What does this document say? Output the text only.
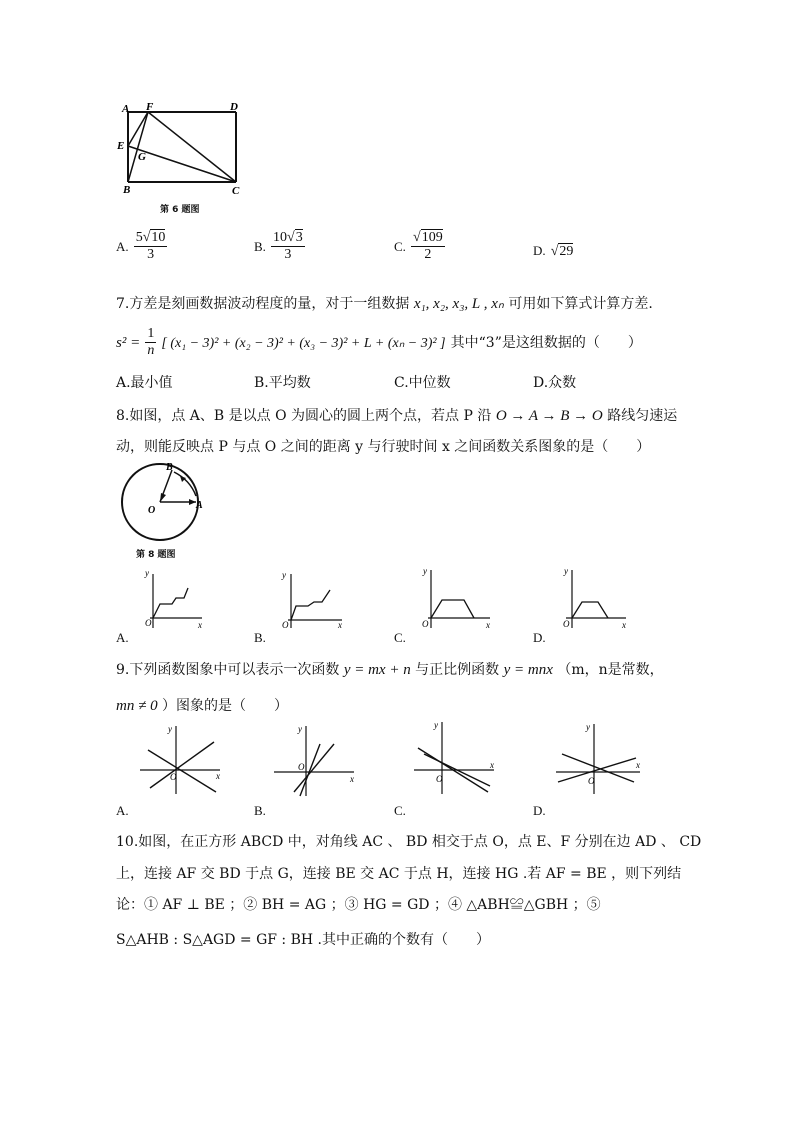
A F	D
E
G
B	C
第 6 题图
A. $\frac{5√10}{3}$	B. $\frac{10√3}{3}$	C. $\frac{√109}{2}$	D. √29
7.方差是刻画数据波动程度的量，对于一组数据 x₁, x₂, x₃, L , xₙ 可用如下算式计算方差.
$s^2 = \frac{1}{n}$ [ (x₁ − 3)² + (x₂ − 3)² + (x₃ − 3)² + L + (xₙ − 3)² ] 其中“3”是这组数据的（　　）
A.最小值	B.平均数	C.中位数	D.众数
8.如图，点 A、B 是以点 O 为圆心的圆上两个点，若点 P 沿 O → A → B → O 路线匀速运
动，则能反映点 P 与点 O 之间的距离 y 与行驶时间 x 之间函数关系图象的是（　　）
B
O	A
第 8 题图
y
O	x
A.
y
O	x
B.
y
O	x
C.
y
O	x
D.
9.下列函数图象中可以表示一次函数 y = mx + n 与正比例函数 y = mnx （m，n是常数，
mn ≠ 0 ）图象的是（　　）
y
O	x
A.
y
O
x
B.
y
O
x
C.
y
O
x
D.
10.如图，在正方形 ABCD 中，对角线 AC 、 BD 相交于点 O，点 E、F 分别在边 AD 、 CD
上，连接 AF 交 BD 于点 G，连接 BE 交 AC 于点 H，连接 HG .若 AF = BE ，则下列结
论：① AF ⊥ BE ；② BH = AG ；③ HG = GD ；④ △ABH≌△GBH ；⑤
S△AHB : S△AGD = GF : BH .其中正确的个数有（　　）
